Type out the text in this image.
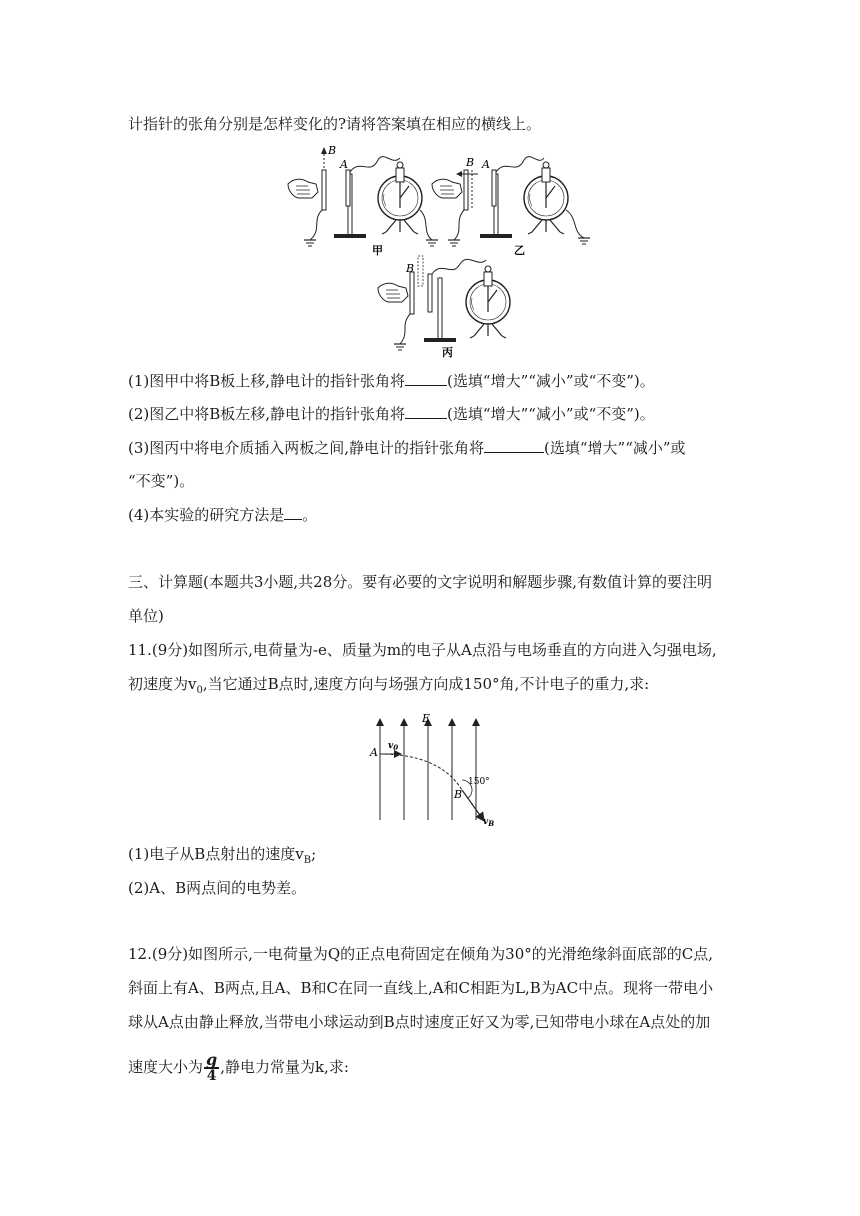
计指针的张角分别是怎样变化的?请将答案填在相应的横线上。
B
A
甲
B A
乙
B
丙
(1)图甲中将B板上移,静电计的指针张角将	(选填“增大”“减小”或“不变”)。
(2)图乙中将B板左移,静电计的指针张角将	(选填“增大”“减小”或“不变”)。
(3)图丙中将电介质插入两板之间,静电计的指针张角将	(选填“增大”“减小”或
“不变”)。
(4)本实验的研究方法是 。
三、计算题(本题共3小题,共28分。要有必要的文字说明和解题步骤,有数值计算的要注明
单位)
11.(9分)如图所示,电荷量为-e、质量为m的电子从A点沿与电场垂直的方向进入匀强电场,
初速度为$v_0$,当它通过B点时,速度方向与场强方向成150°角,不计电子的重力,求:
E
A $v_0$
150°
B
$v_B$
(1)电子从B点射出的速度$v_B$;
(2)A、B两点间的电势差。
12.(9分)如图所示,一电荷量为Q的正点电荷固定在倾角为30°的光滑绝缘斜面底部的C点,
斜面上有A、B两点,且A、B和C在同一直线上,A和C相距为L,B为AC中点。现将一带电小
球从A点由静止释放,当带电小球运动到B点时速度正好又为零,已知带电小球在A点处的加
速度大小为 $\frac{g}{4}$ ,静电力常量为k,求:
